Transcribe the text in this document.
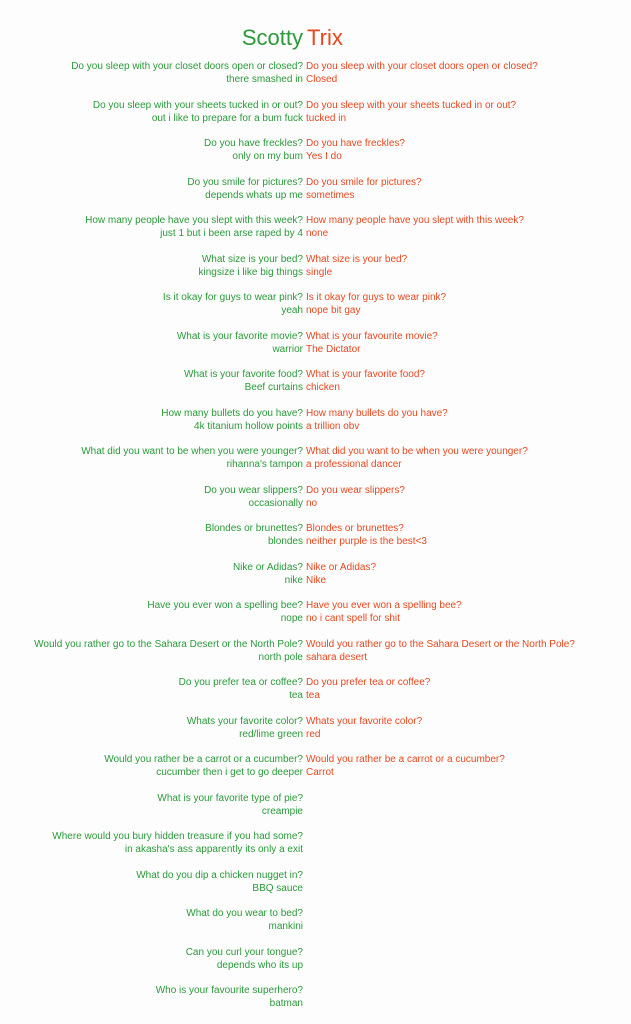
Scotty Trix
Do you sleep with your closet doors open or closed?
there smashed in
Do you sleep with your closet doors open or closed?
Closed
Do you sleep with your sheets tucked in or out?
out i like to prepare for a bum fuck
Do you sleep with your sheets tucked in or out?
tucked in
Do you have freckles?
only on my bum
Do you have freckles?
Yes I do
Do you smile for pictures?
depends whats up me
Do you smile for pictures?
sometimes
How many people have you slept with this week?
just 1 but i been arse raped by 4
How many people have you slept with this week?
none
What size is your bed?
kingsize i like big things
What size is your bed?
single
Is it okay for guys to wear pink?
yeah
Is it okay for guys to wear pink?
nope bit gay
What is your favorite movie?
warrior
What is your favourite movie?
The Dictator
What is your favorite food?
Beef curtains
What is your favorite food?
chicken
How many bullets do you have?
4k titanium hollow points
How many bullets do you have?
a trillion obv
What did you want to be when you were younger?
rihanna's tampon
What did you want to be when you were younger?
a professional dancer
Do you wear slippers?
occasionally
Do you wear slippers?
no
Blondes or brunettes?
blondes
Blondes or brunettes?
neither purple is the best<3
Nike or Adidas?
nike
Nike or Adidas?
Nike
Have you ever won a spelling bee?
nope
Have you ever won a spelling bee?
no i cant spell for shit
Would you rather go to the Sahara Desert or the North Pole?
north pole
Would you rather go to the Sahara Desert or the North Pole?
sahara desert
Do you prefer tea or coffee?
tea
Do you prefer tea or coffee?
tea
Whats your favorite color?
red/lime green
Whats your favorite color?
red
Would you rather be a carrot or a cucumber?
cucumber then i get to go deeper
Would you rather be a carrot or a cucumber?
Carrot
What is your favorite type of pie?
creampie
Where would you bury hidden treasure if you had some?
in akasha's ass apparently its only a exit
What do you dip a chicken nugget in?
BBQ sauce
What do you wear to bed?
mankini
Can you curl your tongue?
depends who its up
Who is your favourite superhero?
batman
